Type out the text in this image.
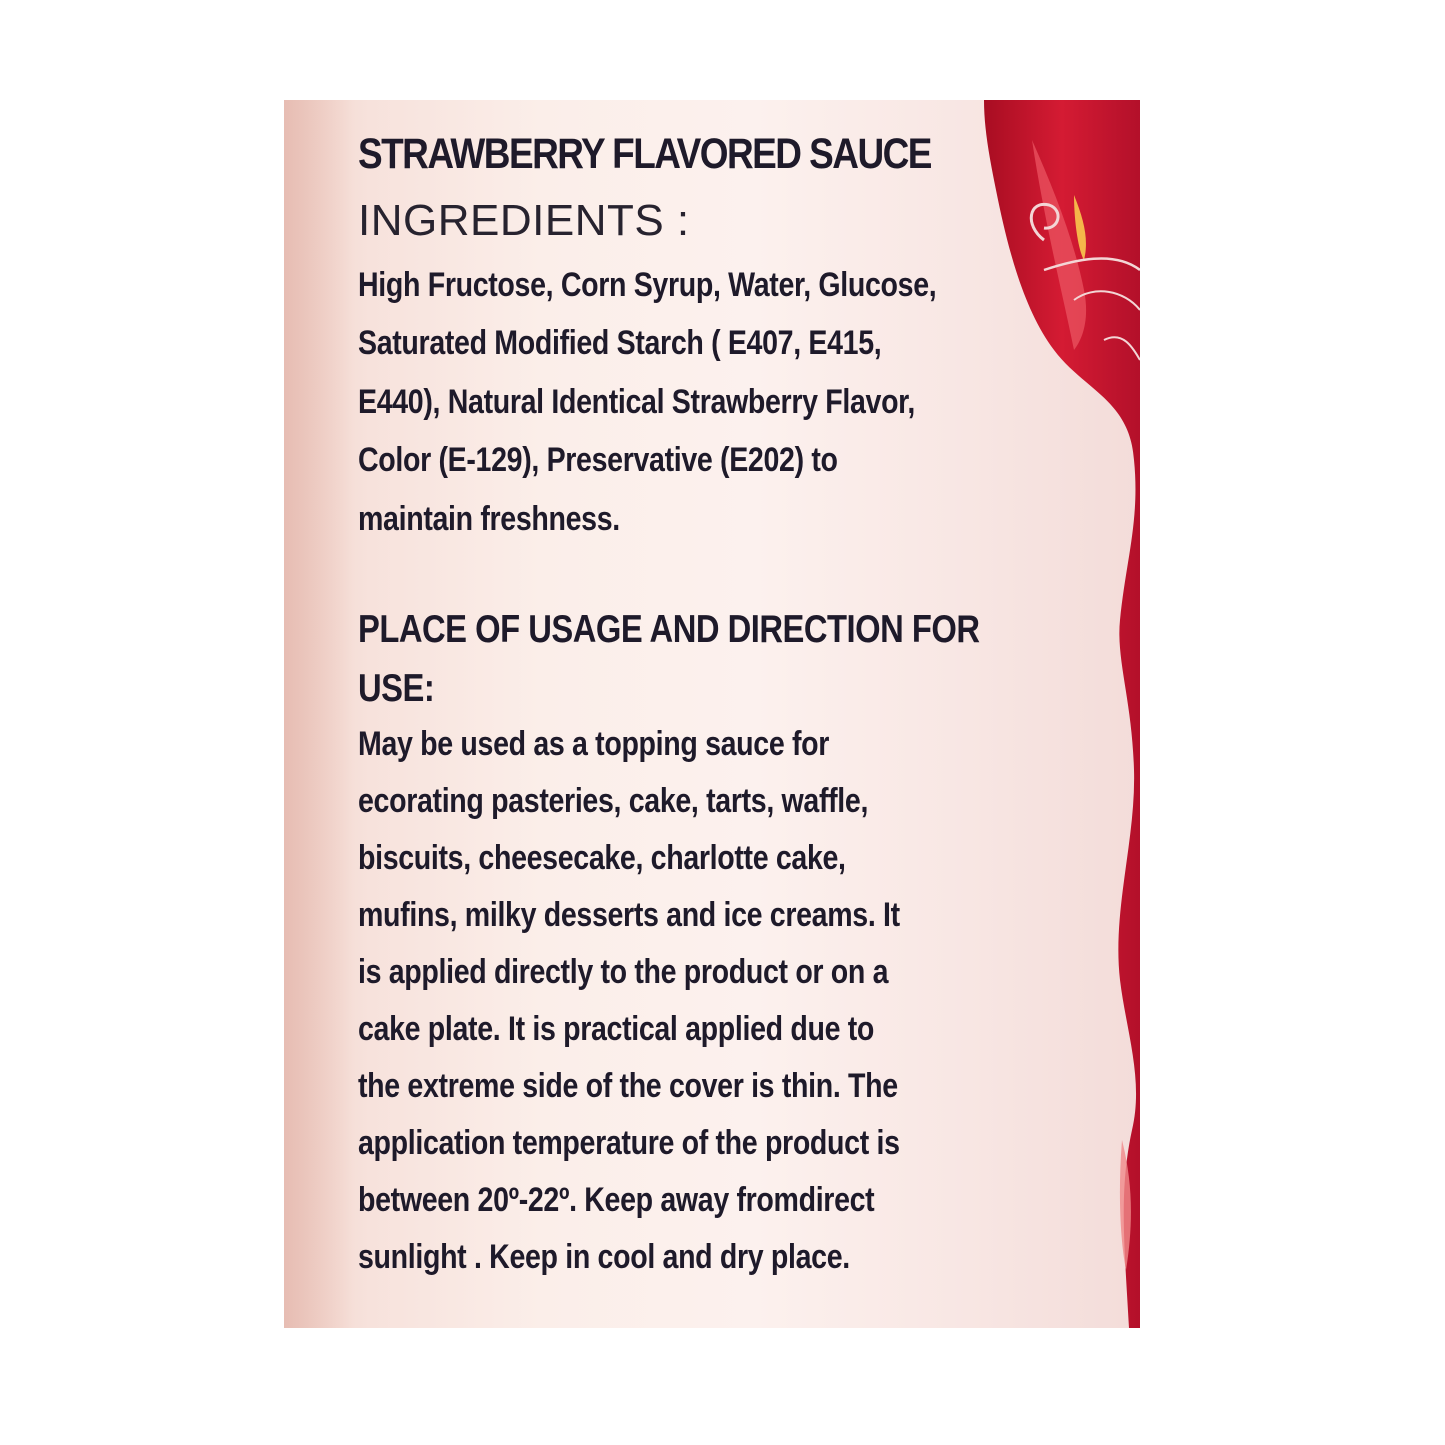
STRAWBERRY FLAVORED SAUCE
INGREDIENTS :

High Fructose, Corn Syrup, Water, Glucose,
Saturated Modified Starch ( E407, E415,
E440), Natural Identical Strawberry Flavor,
Color (E-129), Preservative (E202) to
maintain freshness.

PLACE OF USAGE AND DIRECTION FOR
USE:

May be used as a topping sauce for
ecorating pasteries, cake, tarts, waffle,
biscuits, cheesecake, charlotte cake,
mufins, milky desserts and ice creams. It
is applied directly to the product or on a
cake plate. It is practical applied due to
the extreme side of the cover is thin. The
application temperature of the product is
between 20º-22º. Keep away fromdirect
sunlight . Keep in cool and dry place.
